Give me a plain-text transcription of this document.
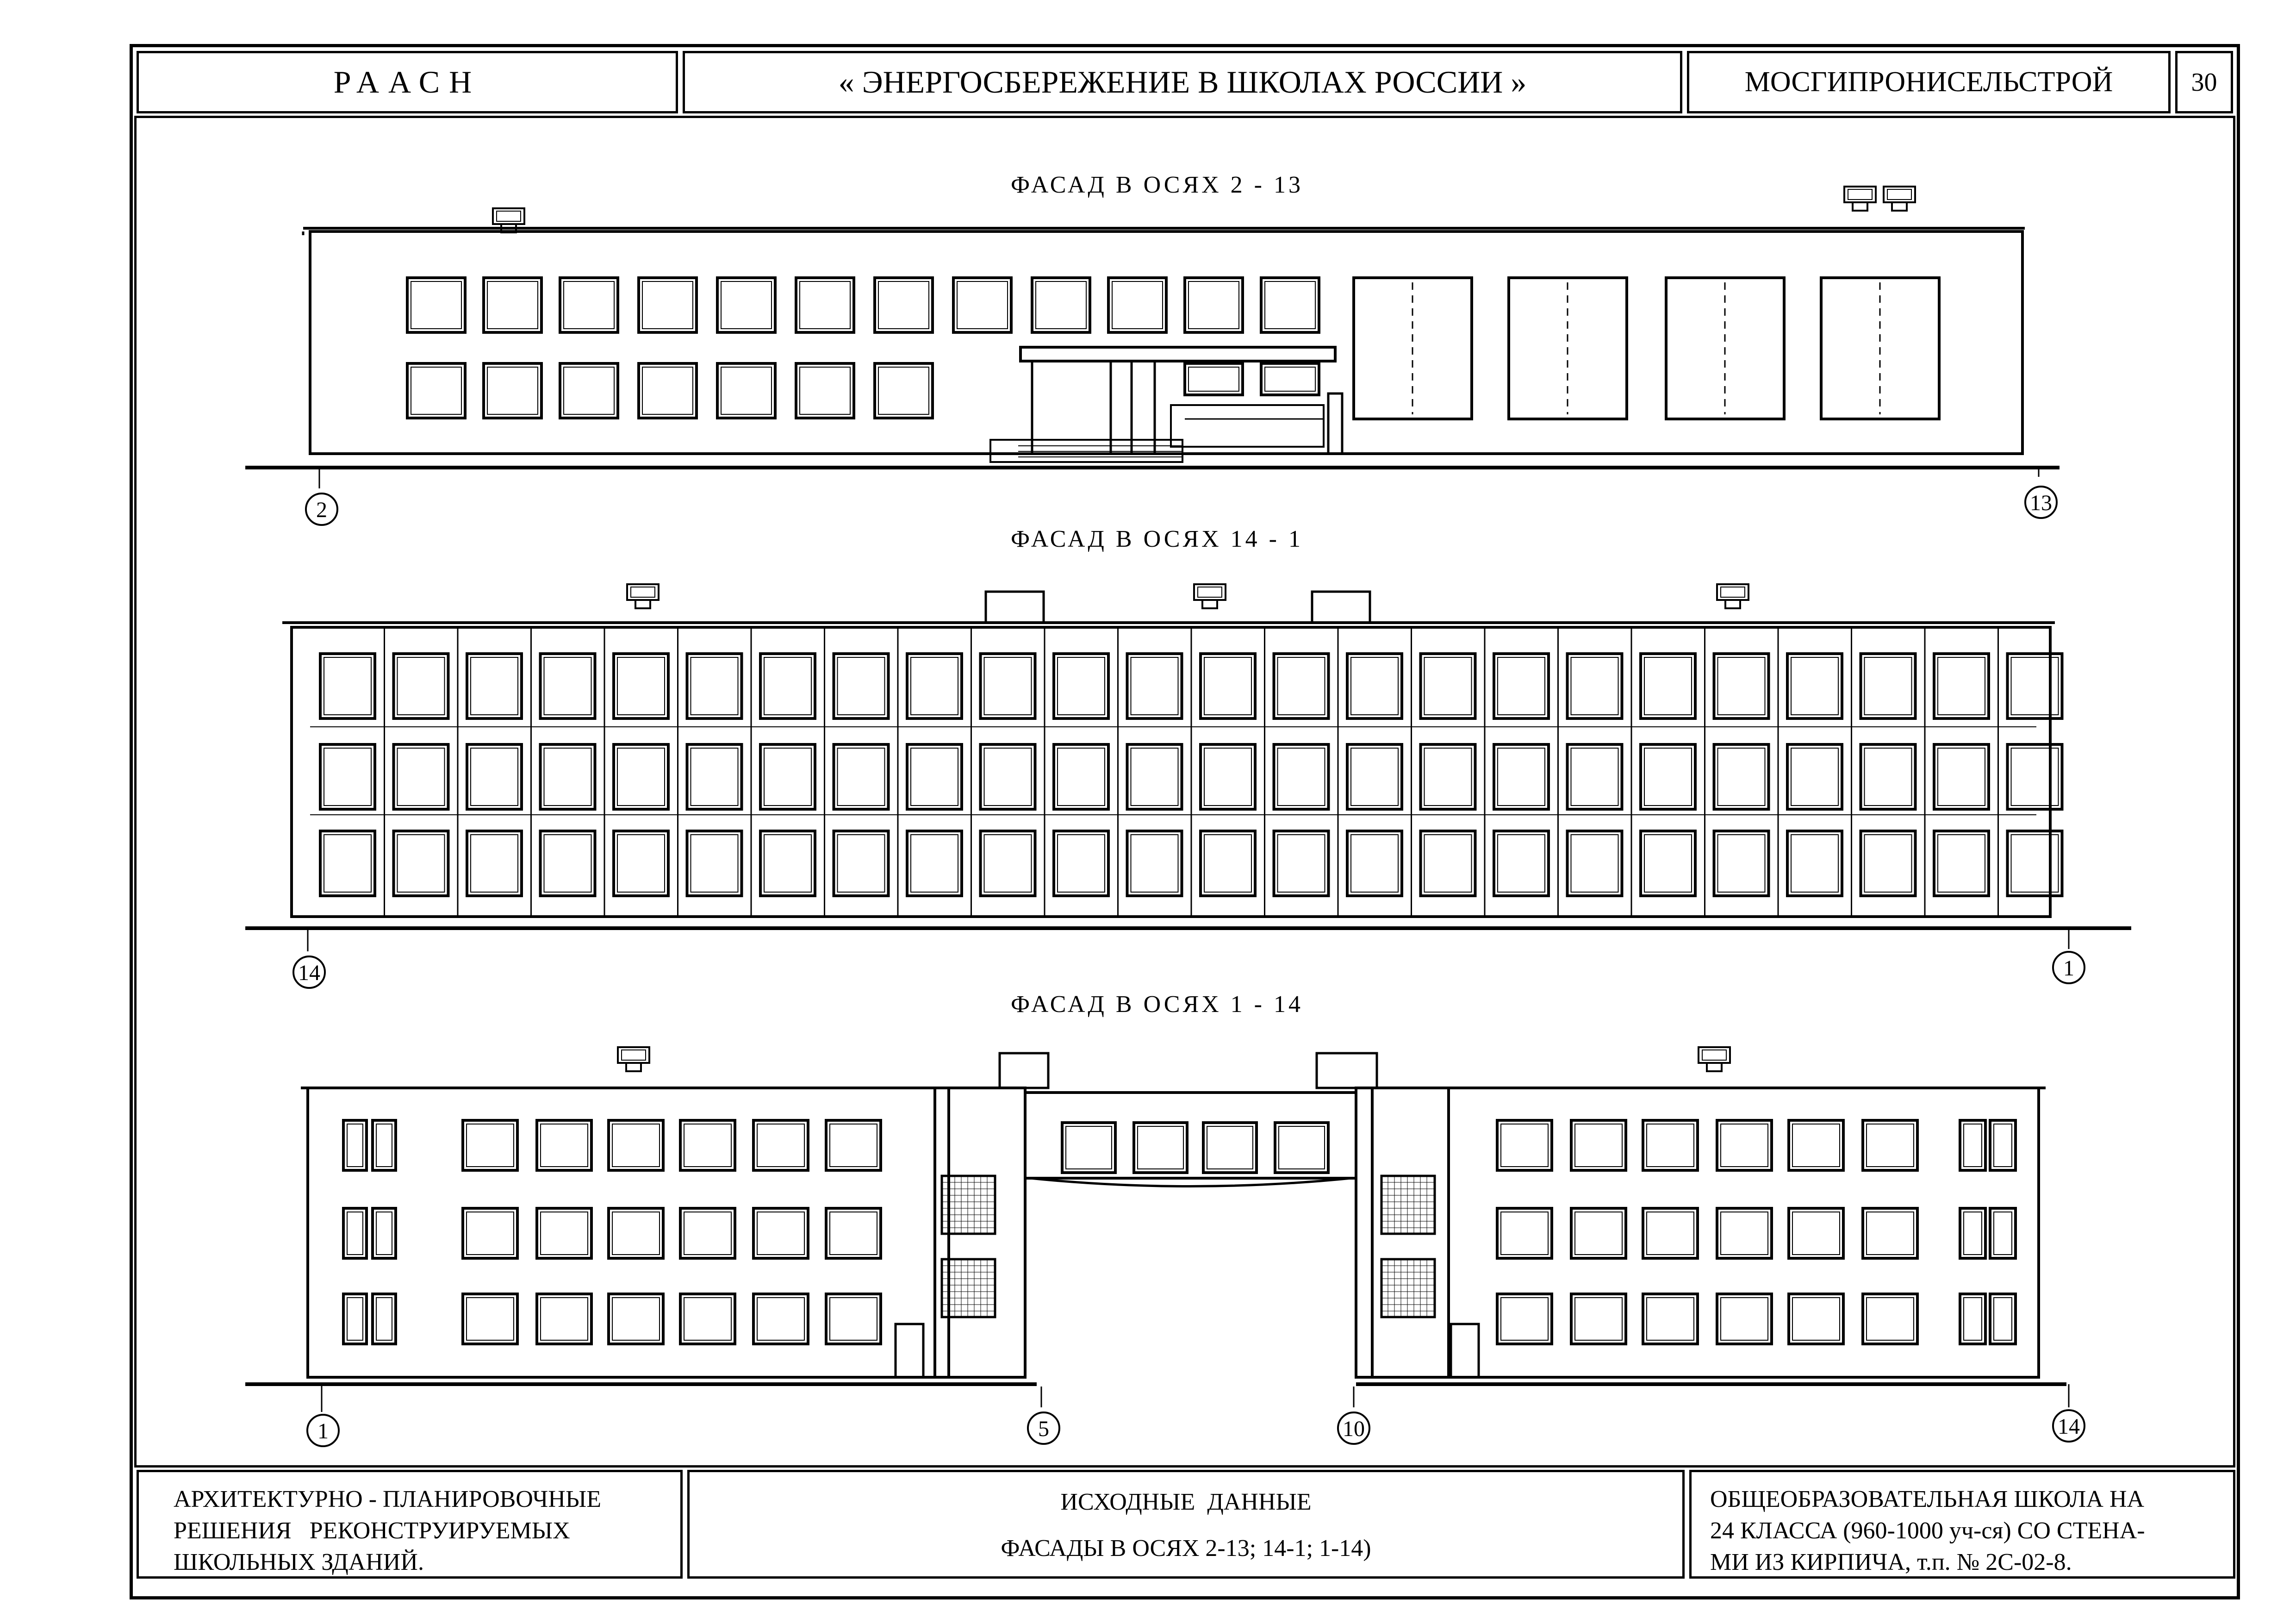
РААСН	« ЭНЕРГОСБЕРЕЖЕНИЕ В ШКОЛАХ РОССИИ »	МОСГИПРОНИСЕЛЬСТРОЙ	30
ФАСАД В ОСЯХ 2 - 13
ФАСАД В ОСЯХ 14 - 1
ФАСАД В ОСЯХ 1 - 14
2	13
14	1
1	5	10	14
АРХИТЕКТУРНО - ПЛАНИРОВОЧНЫЕ
РЕШЕНИЯ   РЕКОНСТРУИРУЕМЫХ
ШКОЛЬНЫХ ЗДАНИЙ.
ИСХОДНЫЕ  ДАННЫЕ
ФАСАДЫ В ОСЯХ 2-13; 14-1; 1-14)
ОБЩЕОБРАЗОВАТЕЛЬНАЯ ШКОЛА НА
24 КЛАССА (960-1000 уч-ся) СО СТЕНА-
МИ ИЗ КИРПИЧА, т.п. № 2С-02-8.
